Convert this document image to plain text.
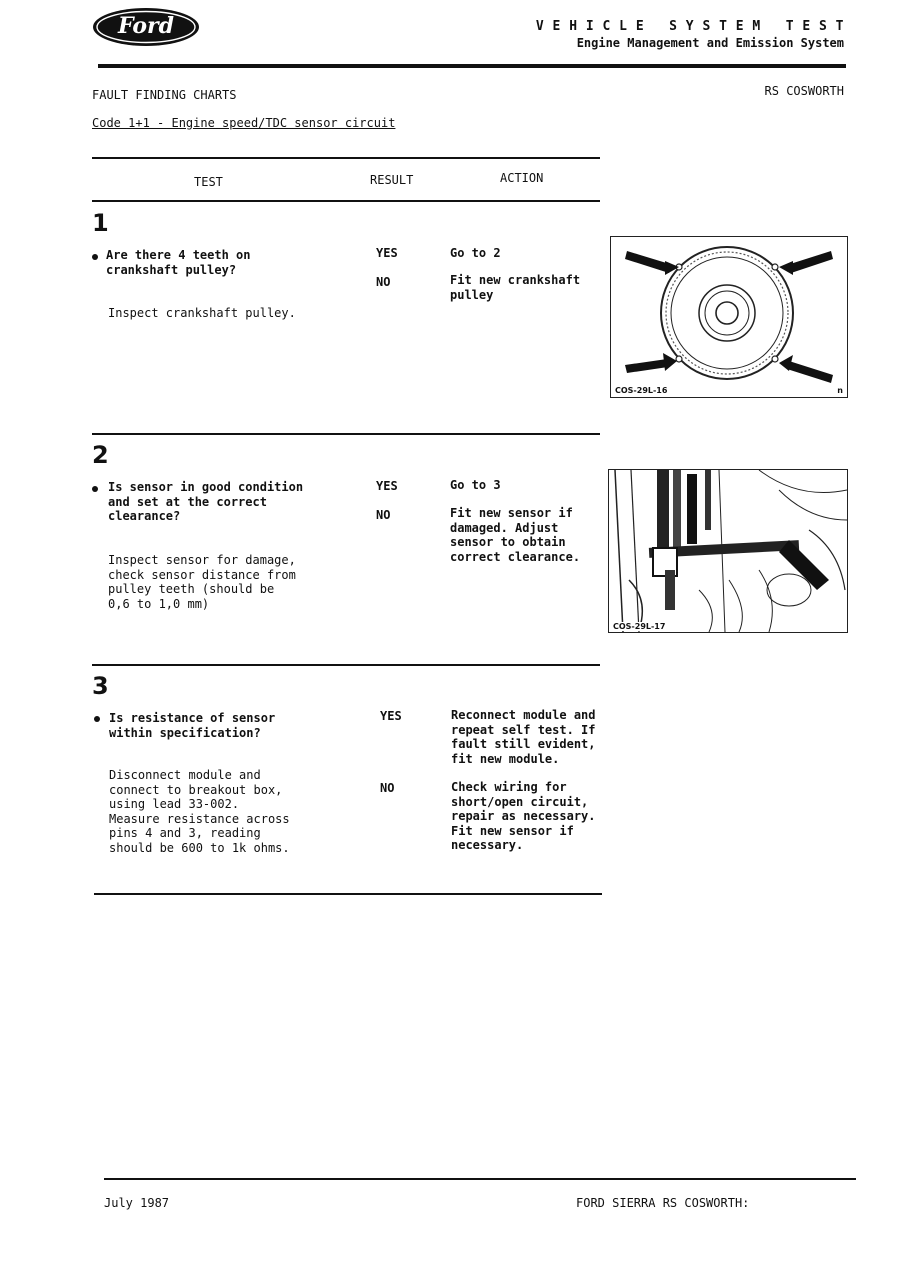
Ford	V E H I C L E   S Y S T E M   T E S T
Engine Management and Emission System
FAULT FINDING CHARTS	RS COSWORTH
Code 1+1 - Engine speed/TDC sensor circuit
TEST	RESULT	ACTION
1
Are there 4 teeth on
crankshaft pulley?
Inspect crankshaft pulley.
YES	Go to 2
NO	Fit new crankshaft
pulley
COS-29L-16	n
2
Is sensor in good condition
and set at the correct
clearance?
Inspect sensor for damage,
check sensor distance from
pulley teeth (should be
0,6 to 1,0 mm)
YES	Go to 3
NO	Fit new sensor if
damaged. Adjust
sensor to obtain
correct clearance.
COS-29L-17
3
Is resistance of sensor
within specification?
Disconnect module and
connect to breakout box,
using lead 33-002.
Measure resistance across
pins 4 and 3, reading
should be 600 to 1k ohms.
YES	Reconnect module and
repeat self test. If
fault still evident,
fit new module.
NO	Check wiring for
short/open circuit,
repair as necessary.
Fit new sensor if
necessary.
July 1987	FORD SIERRA RS COSWORTH:
